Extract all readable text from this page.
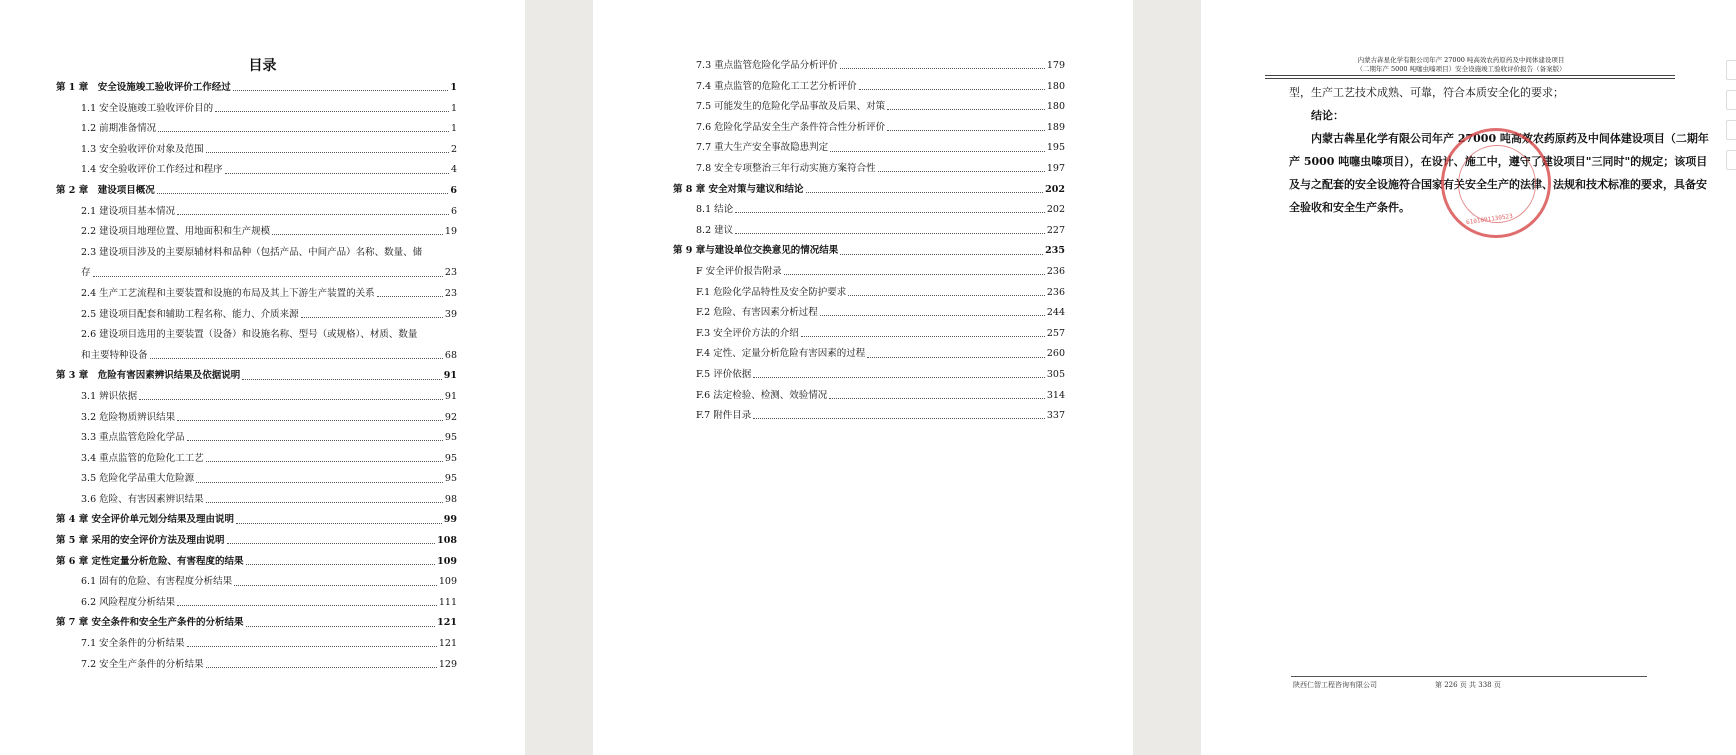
目录
第 1 章　安全设施竣工验收评价工作经过	1
1.1 安全设施竣工验收评价目的	1
1.2 前期准备情况	1
1.3 安全验收评价对象及范围	2
1.4 安全验收评价工作经过和程序	4
第 2 章　建设项目概况	6
2.1 建设项目基本情况	6
2.2 建设项目地理位置、用地面积和生产规模	19
2.3 建设项目涉及的主要原辅材料和品种（包括产品、中间产品）名称、数量、储
存	23
2.4 生产工艺流程和主要装置和设施的布局及其上下游生产装置的关系	23
2.5 建设项目配套和辅助工程名称、能力、介质来源	39
2.6 建设项目选用的主要装置（设备）和设施名称、型号（或规格）、材质、数量
和主要特种设备	68
第 3 章　危险有害因素辨识结果及依据说明	91
3.1 辨识依据	91
3.2 危险物质辨识结果	92
3.3 重点监管危险化学品	95
3.4 重点监管的危险化工工艺	95
3.5 危险化学品重大危险源	95
3.6 危险、有害因素辨识结果	98
第 4 章 安全评价单元划分结果及理由说明	99
第 5 章 采用的安全评价方法及理由说明	108
第 6 章 定性定量分析危险、有害程度的结果	109
6.1 固有的危险、有害程度分析结果	109
6.2 风险程度分析结果	111
第 7 章 安全条件和安全生产条件的分析结果	121
7.1 安全条件的分析结果	121
7.2 安全生产条件的分析结果	129
7.3 重点监管危险化学品分析评价	179
7.4 重点监管的危险化工工艺分析评价	180
7.5 可能发生的危险化学品事故及后果、对策	180
7.6 危险化学品安全生产条件符合性分析评价	189
7.7 重大生产安全事故隐患判定	195
7.8 安全专项整治三年行动实施方案符合性	197
第 8 章 安全对策与建议和结论	202
8.1 结论	202
8.2 建议	227
第 9 章与建设单位交换意见的情况结果	235
F 安全评价报告附录	236
F.1 危险化学品特性及安全防护要求	236
F.2 危险、有害因素分析过程	244
F.3 安全评价方法的介绍	257
F.4 定性、定量分析危险有害因素的过程	260
F.5 评价依据	305
F.6 法定检验、检测、效验情况	314
F.7 附件目录	337
内蒙古犇星化学有限公司年产 27000 吨高效农药原药及中间体建设项目
（二期年产 5000 吨噻虫嗪项目）安全设施竣工验收评价报告（备案版）
型，生产工艺技术成熟、可靠，符合本质安全化的要求；
结论：
内蒙古犇星化学有限公司年产 27000 吨高效农药原药及中间体建设项目（二期年产 5000 吨噻虫嗪项目），在设计、施工中，遵守了建设项目"三同时"的规定；该项目及与之配套的安全设施符合国家有关安全生产的法律、法规和技术标准的要求，具备安全验收和安全生产条件。
6101091130523
陕西仁智工程咨询有限公司	第 226 页 共 338 页
